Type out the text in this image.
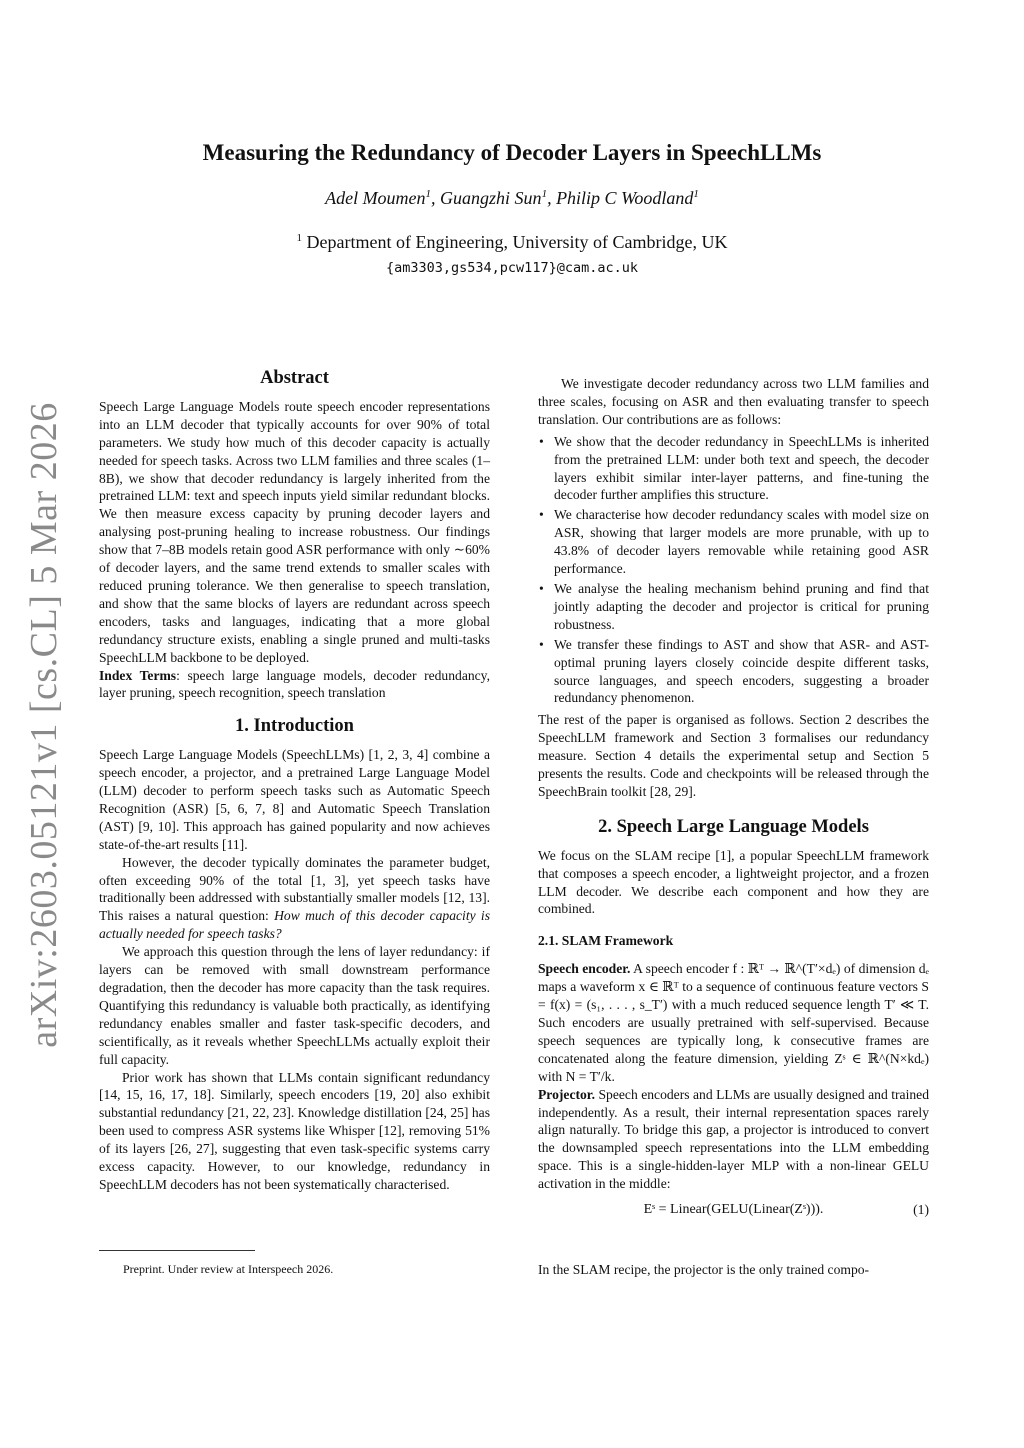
arXiv:2603.05121v1 [cs.CL] 5 Mar 2026
Measuring the Redundancy of Decoder Layers in SpeechLLMs
Adel Moumen$^1$, Guangzhi Sun$^1$, Philip C Woodland$^1$
$^1$ Department of Engineering, University of Cambridge, UK
{am3303,gs534,pcw117}@cam.ac.uk
Abstract

Speech Large Language Models route speech encoder representations into an LLM decoder that typically accounts for over 90% of total parameters. We study how much of this decoder capacity is actually needed for speech tasks. Across two LLM families and three scales (1–8B), we show that decoder redundancy is largely inherited from the pretrained LLM: text and speech inputs yield similar redundant blocks. We then measure excess capacity by pruning decoder layers and analysing post-pruning healing to increase robustness. Our findings show that 7–8B models retain good ASR performance with only ∼60% of decoder layers, and the same trend extends to smaller scales with reduced pruning tolerance. We then generalise to speech translation, and show that the same blocks of layers are redundant across speech encoders, tasks and languages, indicating that a more global redundancy structure exists, enabling a single pruned and multi-tasks SpeechLLM backbone to be deployed.

Index Terms: speech large language models, decoder redundancy, layer pruning, speech recognition, speech translation

1. Introduction

Speech Large Language Models (SpeechLLMs) [1, 2, 3, 4] combine a speech encoder, a projector, and a pretrained Large Language Model (LLM) decoder to perform speech tasks such as Automatic Speech Recognition (ASR) [5, 6, 7, 8] and Automatic Speech Translation (AST) [9, 10]. This approach has gained popularity and now achieves state-of-the-art results [11].

However, the decoder typically dominates the parameter budget, often exceeding 90% of the total [1, 3], yet speech tasks have traditionally been addressed with substantially smaller models [12, 13]. This raises a natural question: How much of this decoder capacity is actually needed for speech tasks?

We approach this question through the lens of layer redundancy: if layers can be removed with small downstream performance degradation, then the decoder has more capacity than the task requires. Quantifying this redundancy is valuable both practically, as identifying redundancy enables smaller and faster task-specific decoders, and scientifically, as it reveals whether SpeechLLMs actually exploit their full capacity.

Prior work has shown that LLMs contain significant redundancy [14, 15, 16, 17, 18]. Similarly, speech encoders [19, 20] also exhibit substantial redundancy [21, 22, 23]. Knowledge distillation [24, 25] has been used to compress ASR systems like Whisper [12], removing 51% of its layers [26, 27], suggesting that even task-specific systems carry excess capacity. However, to our knowledge, redundancy in SpeechLLM decoders has not been systematically characterised.

Preprint. Under review at Interspeech 2026.

We investigate decoder redundancy across two LLM families and three scales, focusing on ASR and then evaluating transfer to speech translation. Our contributions are as follows:

• We show that the decoder redundancy in SpeechLLMs is inherited from the pretrained LLM: under both text and speech, the decoder layers exhibit similar inter-layer patterns, and fine-tuning the decoder further amplifies this structure.
• We characterise how decoder redundancy scales with model size on ASR, showing that larger models are more prunable, with up to 43.8% of decoder layers removable while retaining good ASR performance.
• We analyse the healing mechanism behind pruning and find that jointly adapting the decoder and projector is critical for pruning robustness.
• We transfer these findings to AST and show that ASR- and AST-optimal pruning layers closely coincide despite different tasks, source languages, and speech encoders, suggesting a broader redundancy phenomenon.

The rest of the paper is organised as follows. Section 2 describes the SpeechLLM framework and Section 3 formalises our redundancy measure. Section 4 details the experimental setup and Section 5 presents the results. Code and checkpoints will be released through the SpeechBrain toolkit [28, 29].

2. Speech Large Language Models

We focus on the SLAM recipe [1], a popular SpeechLLM framework that composes a speech encoder, a lightweight projector, and a frozen LLM decoder. We describe each component and how they are combined.

2.1. SLAM Framework

Speech encoder. A speech encoder f : ℝᵀ → ℝ^(T′×dₑ) of dimension dₑ maps a waveform x ∈ ℝᵀ to a sequence of continuous feature vectors S = f(x) = (s₁, . . . , s_T′) with a much reduced sequence length T′ ≪ T. Such encoders are usually pretrained with self-supervised. Because speech sequences are typically long, k consecutive frames are concatenated along the feature dimension, yielding Zˢ ∈ ℝ^(N×kdₑ) with N = T′/k.

Projector. Speech encoders and LLMs are usually designed and trained independently. As a result, their internal representation spaces rarely align naturally. To bridge this gap, a projector is introduced to convert the downsampled speech representations into the LLM embedding space. This is a single-hidden-layer MLP with a non-linear GELU activation in the middle:

Eˢ = Linear(GELU(Linear(Zˢ))).	(1)
In the SLAM recipe, the projector is the only trained compo-
